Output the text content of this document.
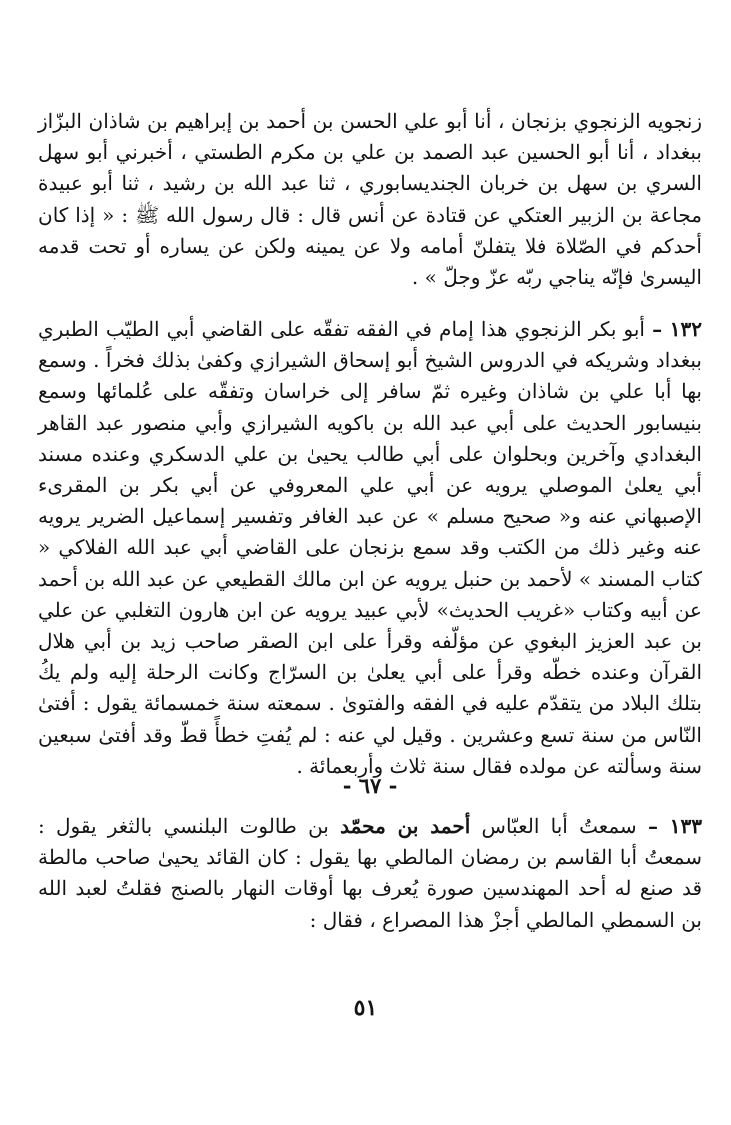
زنجويه الزنجوي بزنجان ، أنا أبو علي الحسن بن أحمد بن إبراهيم بن شاذان البزّاز ببغداد ، أنا أبو الحسين عبد الصمد بن علي بن مكرم الطستي ، أخبرني أبو سهل السري بن سهل بن خربان الجنديسابوري ، ثنا عبد الله بن رشيد ، ثنا أبو عبيدة مجاعة بن الزبير العتكي عن قتادة عن أنس قال : قال رسول الله ﷺ : « إذا كان أحدكم في الصّلاة فلا يتفلنّ أمامه ولا عن يمينه ولكن عن يساره أو تحت قدمه اليسرىٰ فإنّه يناجي ربّه عزّ وجلّ » .

١٣٢ – أبو بكر الزنجوي هذا إمام في الفقه تفقّه على القاضي أبي الطيّب الطبري ببغداد وشريكه في الدروس الشيخ أبو إسحاق الشيرازي وكفىٰ بذلك فخراً . وسمع بها أبا علي بن شاذان وغيره ثمّ سافر إلى خراسان وتفقّه على عُلمائها وسمع بنيسابور الحديث على أبي عبد الله بن باكويه الشيرازي وأبي منصور عبد القاهر البغدادي وآخرين وبحلوان على أبي طالب يحيىٰ بن علي الدسكري وعنده مسند أبي يعلىٰ الموصلي يرويه عن أبي علي المعروفي عن أبي بكر بن المقرىء الإصبهاني عنه و« صحيح مسلم » عن عبد الغافر وتفسير إسماعيل الضرير يرويه عنه وغير ذلك من الكتب وقد سمع بزنجان على القاضي أبي عبد الله الفلاكي « كتاب المسند » لأحمد بن حنبل يرويه عن ابن مالك القطيعي عن عبد الله بن أحمد عن أبيه وكتاب «غريب الحديث» لأبي عبيد يرويه عن ابن هارون التغلبي عن علي بن عبد العزيز البغوي عن مؤلّفه وقرأ على ابن الصقر صاحب زيد بن أبي هلال القرآن وعنده خطّه وقرأ على أبي يعلىٰ بن السرّاج وكانت الرحلة إليه ولم يكُ بتلك البلاد من يتقدّم عليه في الفقه والفتوىٰ . سمعته سنة خمسمائة يقول : أفتىٰ النّاس من سنة تسع وعشرين . وقيل لي عنه : لم يُفتِ خطأً قطّ وقد أفتىٰ سبعين سنة وسألته عن مولده فقال سنة ثلاث وأربعمائة .

- ٦٧ -

١٣٣ – سمعتُ أبا العبّاس أحمد بن محمّد بن طالوت البلنسي بالثغر يقول : سمعتُ أبا القاسم بن رمضان المالطي بها يقول : كان القائد يحيىٰ صاحب مالطة قد صنع له أحد المهندسين صورة يُعرف بها أوقات النهار بالصنج فقلتُ لعبد الله بن السمطي المالطي أجزْ هذا المصراع ، فقال :

٥١
